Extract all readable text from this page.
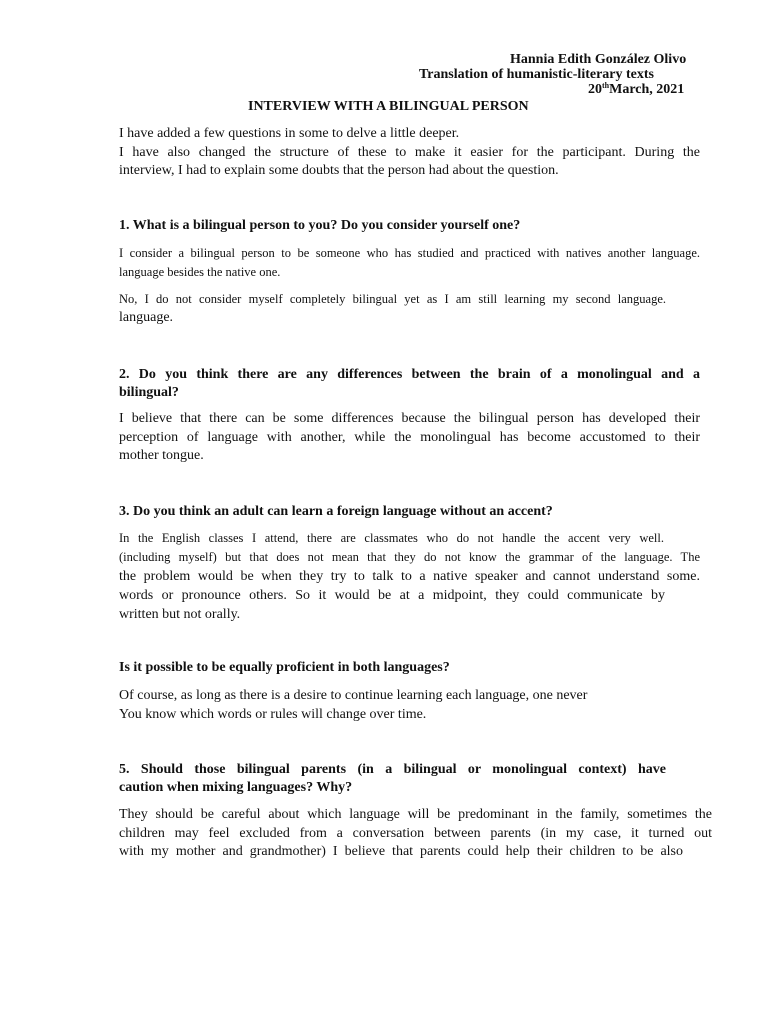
Hannia Edith González Olivo
Translation of humanistic-literary texts
20thMarch, 2021
INTERVIEW WITH A BILINGUAL PERSON
I have added a few questions in some to delve a little deeper.
I have also changed the structure of these to make it easier for the participant. During the
interview, I had to explain some doubts that the person had about the question.
1. What is a bilingual person to you? Do you consider yourself one?
I consider a bilingual person to be someone who has studied and practiced with natives another language.
language besides the native one.
No, I do not consider myself completely bilingual yet as I am still learning my second language.
language.
2. Do you think there are any differences between the brain of a monolingual and a
bilingual?
I believe that there can be some differences because the bilingual person has developed their
perception of language with another, while the monolingual has become accustomed to their
mother tongue.
3. Do you think an adult can learn a foreign language without an accent?
In the English classes I attend, there are classmates who do not handle the accent very well.
(including myself) but that does not mean that they do not know the grammar of the language. The
the problem would be when they try to talk to a native speaker and cannot understand some.
words or pronounce others. So it would be at a midpoint, they could communicate by
written but not orally.
Is it possible to be equally proficient in both languages?
Of course, as long as there is a desire to continue learning each language, one never
You know which words or rules will change over time.
5. Should those bilingual parents (in a bilingual or monolingual context) have
caution when mixing languages? Why?
They should be careful about which language will be predominant in the family, sometimes the
children may feel excluded from a conversation between parents (in my case, it turned out
with my mother and grandmother) I believe that parents could help their children to be also
